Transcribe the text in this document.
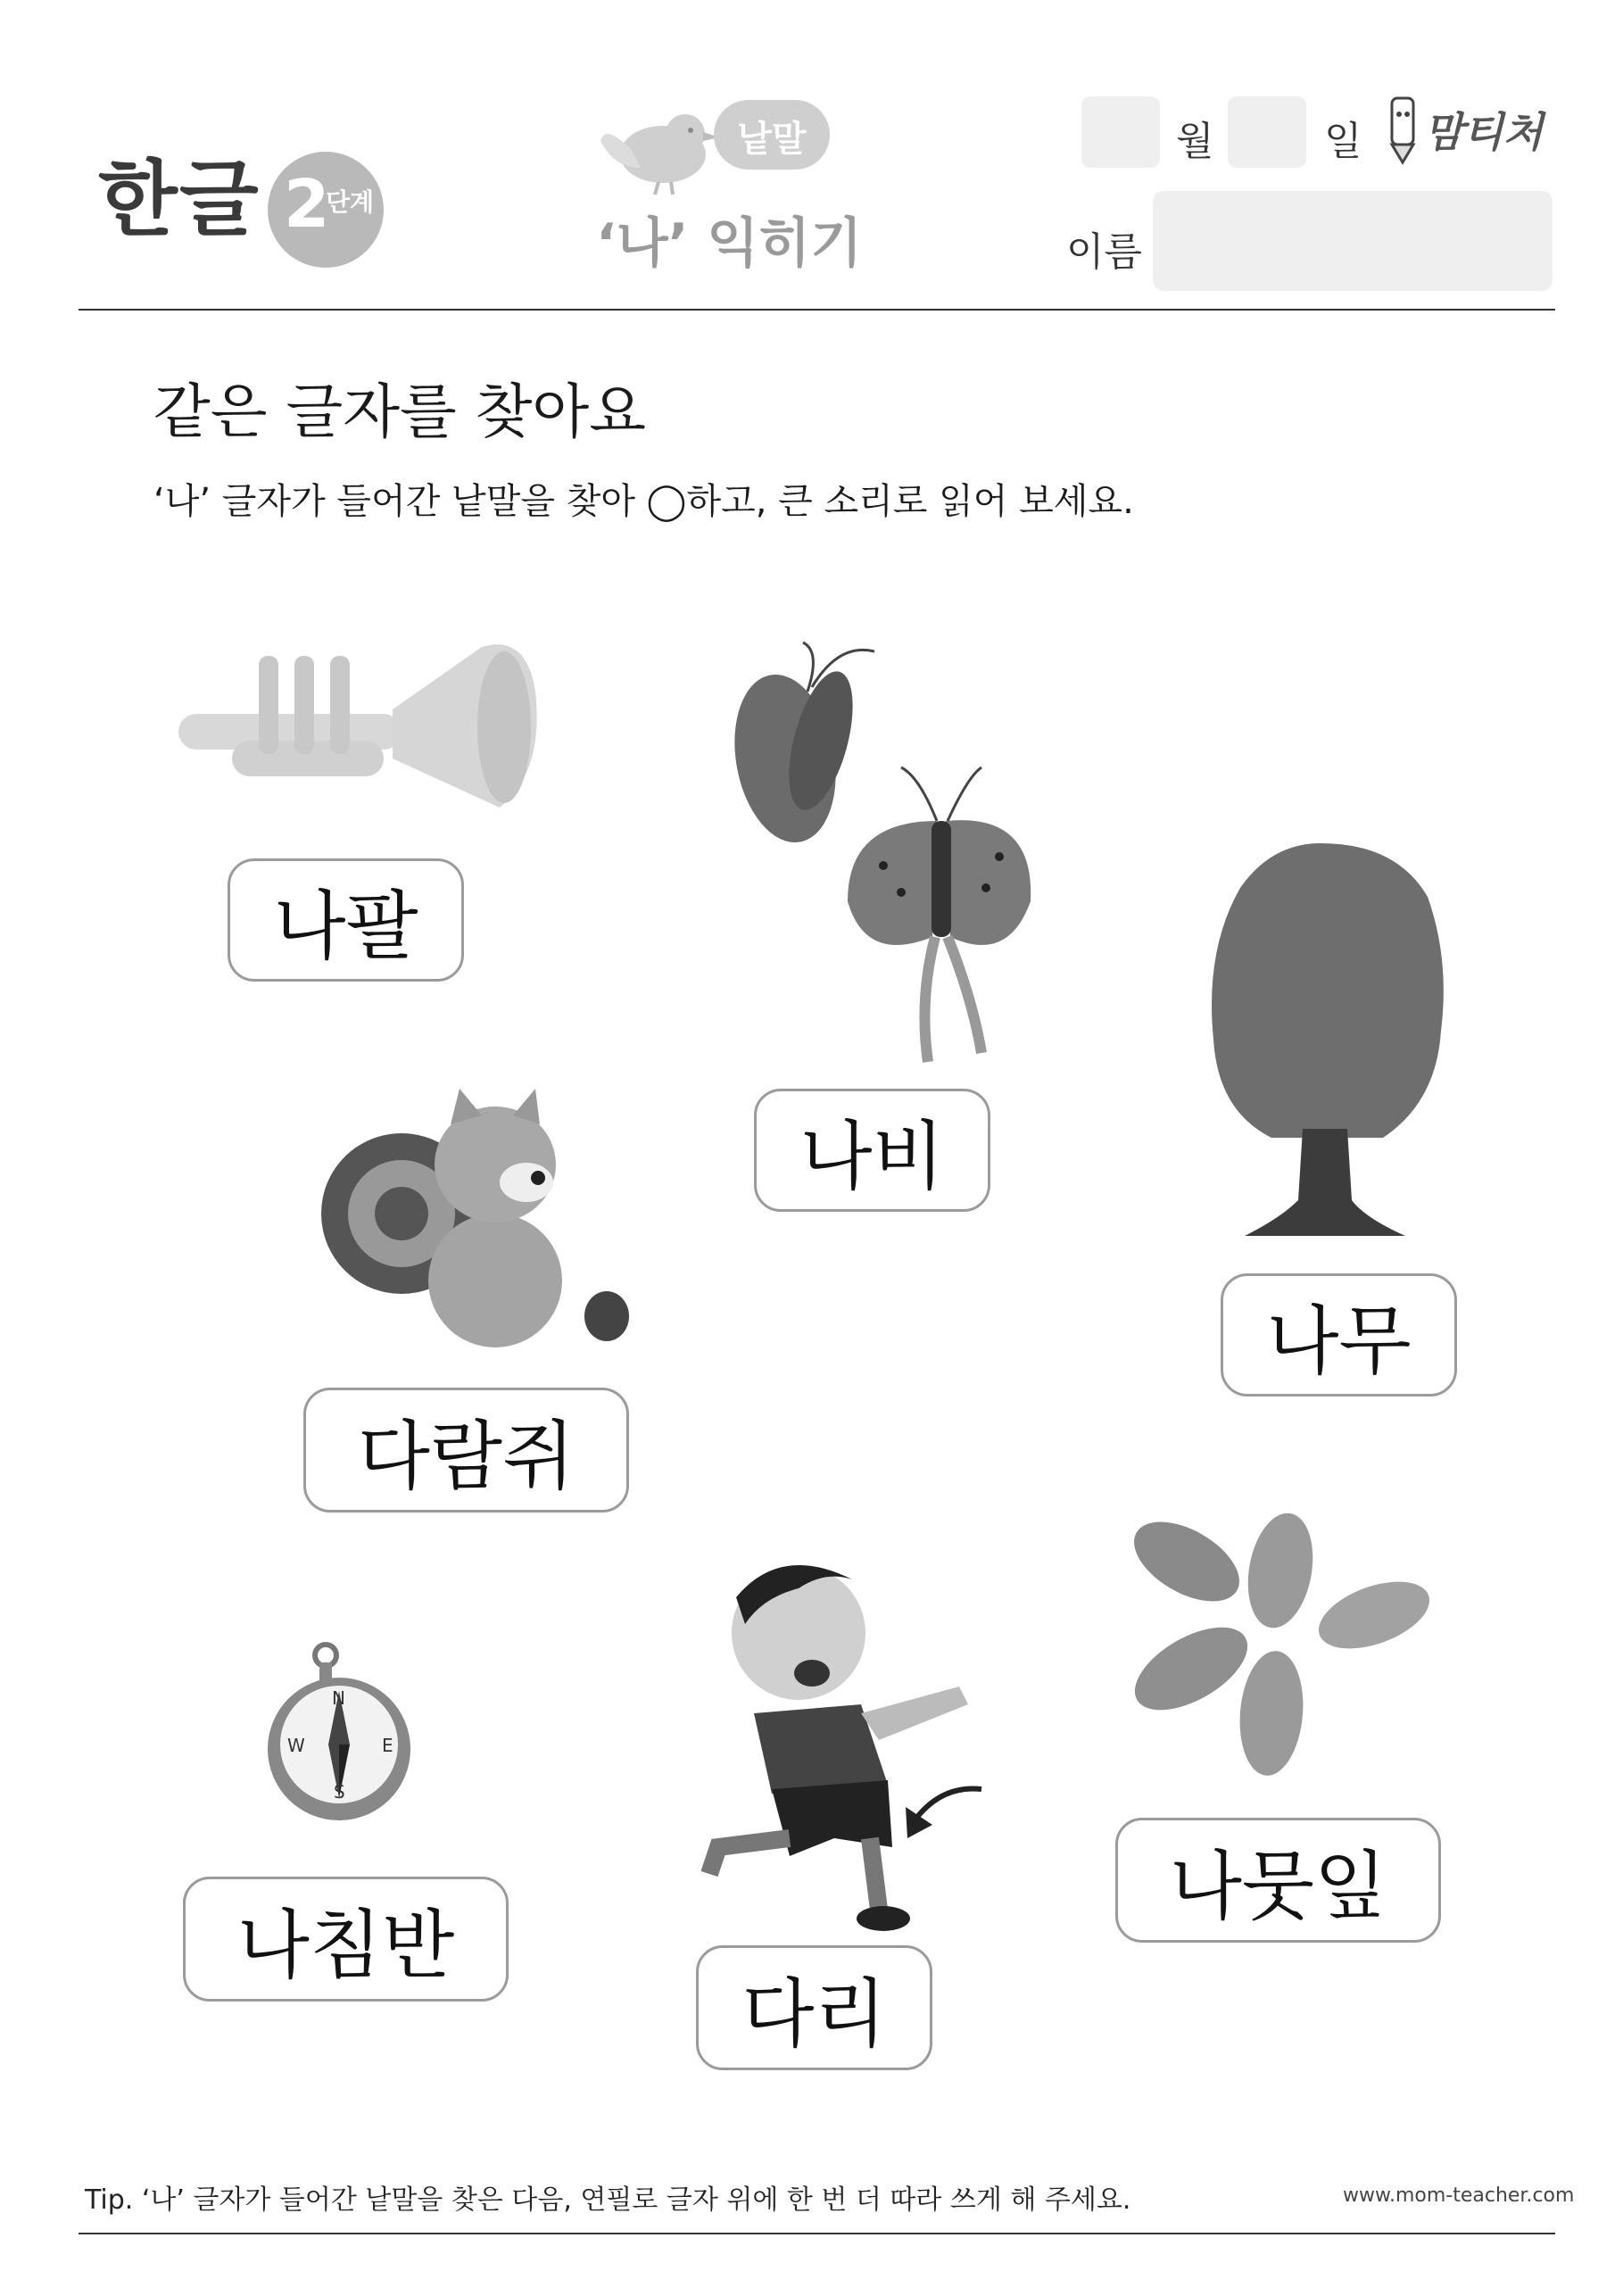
한글 2
단계
낱말
‘나’ 익히기
월	일 맘티처
이름
같은 글자를 찾아요
‘나’ 글자가 들어간 낱말을 찾아 ◯하고, 큰 소리로 읽어 보세요.
N
E
S
W
나팔
나비
나무
다람쥐
나뭇잎
나침반
다리
Tip. ‘나’ 글자가 들어간 낱말을 찾은 다음, 연필로 글자 위에 한 번 더 따라 쓰게 해 주세요.	www.mom-teacher.com
